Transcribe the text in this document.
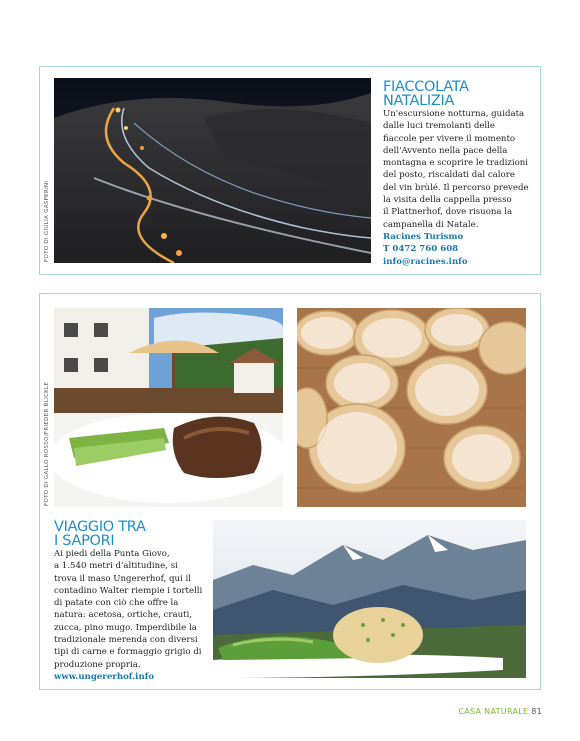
FOTO DI GIULIA GASPERINI
FIACCOLATA
NATALIZIA
Un'escursione notturna, guidata
dalle luci tremolanti delle
fiaccole per vivere il momento
dell'Avvento nella pace della
montagna e scoprire le tradizioni
del posto, riscaldati dal calore
del vin brùlé. Il percorso prevede
la visita della cappella presso
il Plattnerhof, dove risuona la
campanella di Natale.
Racines Turismo
T 0472 760 608
info@racines.info
FOTO DI GALLO ROSSO/FRIEDER BLICKLE
VIAGGIO TRA
I SAPORI
Ai piedi della Punta Giovo,
a 1.540 metri d'altitudine, si
trova il maso Ungererhof, qui il
contadino Walter riempie i tortelli
di patate con ciò che offre la
natura: acetosa, ortiche, crauti,
zucca, pino mugo. Imperdibile la
tradizionale merenda con diversi
tipi di carne e formaggio grigio di
produzione propria.
www.ungererhof.info
CASA NATURALE 81
